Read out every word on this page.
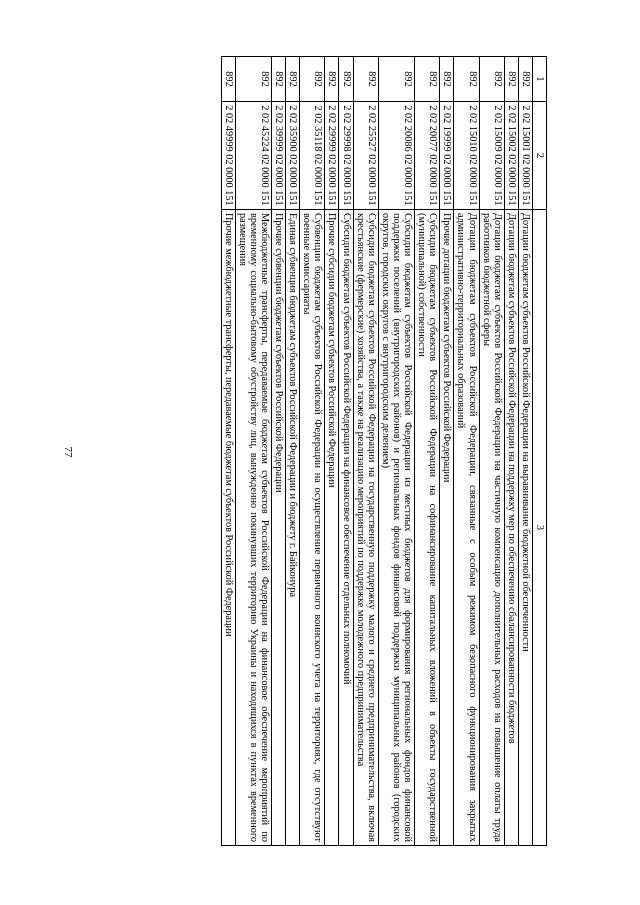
77
1	2	3
892	2 02 15001 02 0000 151	Дотации бюджетам субъектов Российской Федерации на выравнивание бюджетной обеспеченности
892	2 02 15002 02 0000 151	Дотации бюджетам субъектов Российской Федерации на поддержку мер по обеспечению сбалансированности бюджетов
892	2 02 15009 02 0000 151	Дотации бюджетам субъектов Российской Федерации на частичную компенсацию дополнительных расходов на повышение оплаты труда работников бюджетной сферы
892	2 02 15010 02 0000 151	Дотации бюджетам субъектов Российской Федерации, связанные с особым режимом безопасного функционирования закрытых административно-территориальных образований
892	2 02 19999 02 0000 151	Прочие дотации бюджетам субъектов Российской Федерации
892	2 02 20077 02 0000 151	Субсидии бюджетам субъектов Российской Федерации на софинансирование капитальных вложений в объекты государственной (муниципальной) собственности
892	2 02 20086 02 0000 151	Субсидии бюджетам субъектов Российской Федерации из местных бюджетов для формирования региональных фондов финансовой поддержки поселений (внутригородских районов) и региональных фондов финансовой поддержки муниципальных районов (городских округов, городских округов с внутригородским делением)
892	2 02 25527 02 0000 151	Субсидии бюджетам субъектов Российской Федерации на государственную поддержку малого и среднего предпринимательства, включая крестьянские (фермерские) хозяйства, а также на реализацию мероприятий по поддержке молодежного предпринимательства
892	2 02 29998 02 0000 151	Субсидии бюджетам субъектов Российской Федерации на финансовое обеспечение отдельных полномочий
892	2 02 29999 02 0000 151	Прочие субсидии бюджетам субъектов Российской Федерации
892	2 02 35118 02 0000 151	Субвенции бюджетам субъектов Российской Федерации на осуществление первичного воинского учета на территориях, где отсутствуют военные комиссариаты
892	2 02 35900 02 0000 151	Единая субвенция бюджетам субъектов Российской Федерации и бюджету г. Байконура
892	2 02 39999 02 0000 151	Прочие субвенции бюджетам субъектов Российской Федерации
892	2 02 45224 02 0000 151	Межбюджетные трансферты, передаваемые бюджетам субъектов Российской Федерации на финансовое обеспечение мероприятий по временному социально-бытовому обустройству лиц, вынужденно покинувших территорию Украины и находящихся в пунктах временного размещения
892	2 02 49999 02 0000 151	Прочие межбюджетные трансферты, передаваемые бюджетам субъектов Российской Федерации
